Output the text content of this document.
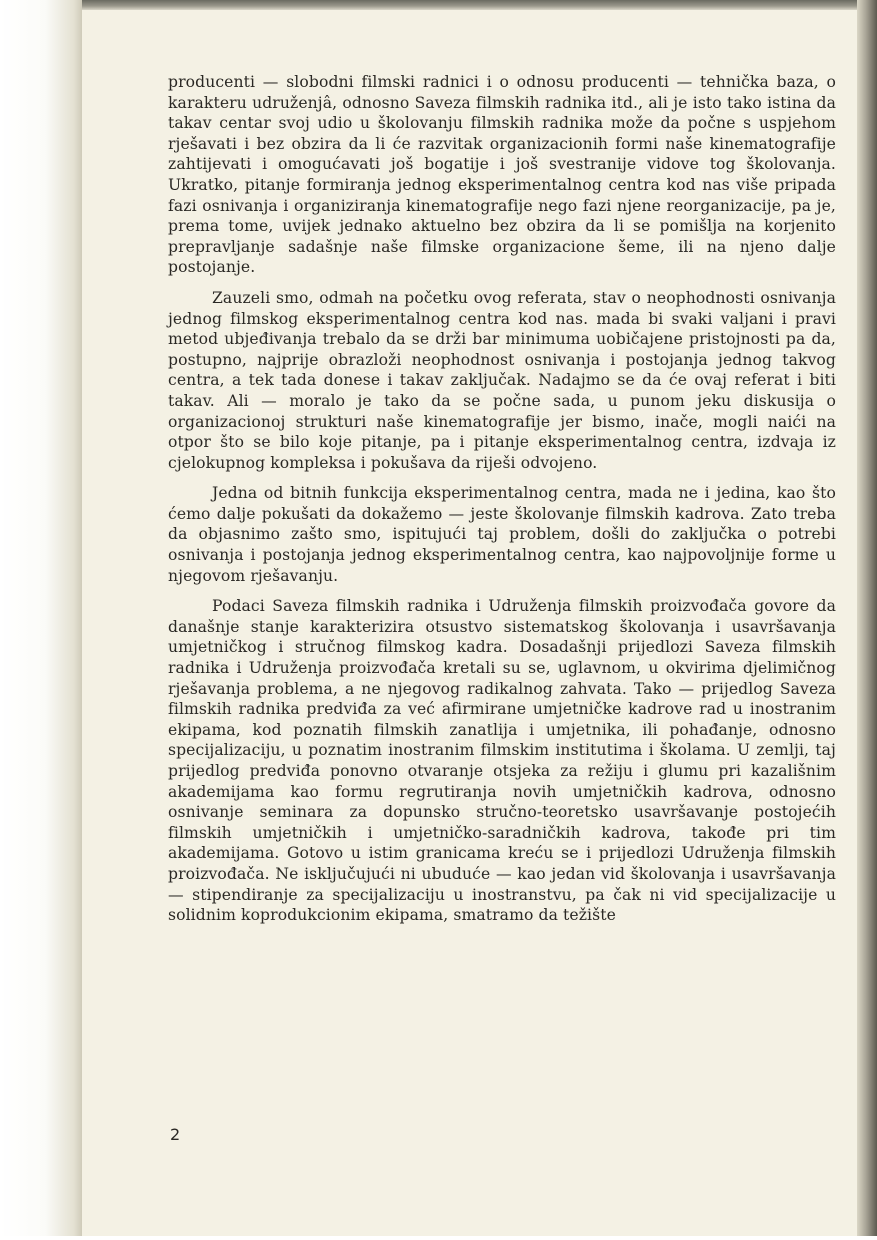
producenti — slobodni filmski radnici i o odnosu producenti — tehnička baza, o karakteru udruženjâ, odnosno Saveza filmskih radnika itd., ali je isto tako istina da takav centar svoj udio u školovanju filmskih radnika može da počne s uspjehom rješavati i bez obzira da li će razvitak organizacionih formi naše kinematografije zahtijevati i omogućavati još bogatije i još svestranije vidove tog školovanja. Ukratko, pitanje formiranja jednog eksperimentalnog centra kod nas više pripada fazi osnivanja i organiziranja kinematografije nego fazi njene reorganizacije, pa je, prema tome, uvijek jednako aktuelno bez obzira da li se pomišlja na korjenito prepravljanje sadašnje naše filmske organizacione šeme, ili na njeno dalje postojanje.

Zauzeli smo, odmah na početku ovog referata, stav o neophodnosti osnivanja jednog filmskog eksperimentalnog centra kod nas. mada bi svaki valjani i pravi metod ubjeđivanja trebalo da se drži bar minimuma uobičajene pristojnosti pa da, postupno, najprije obrazloži neophodnost osnivanja i postojanja jednog takvog centra, a tek tada donese i takav zaključak. Nadajmo se da će ovaj referat i biti takav. Ali — moralo je tako da se počne sada, u punom jeku diskusija o organizacionoj strukturi naše kinematografije jer bismo, inače, mogli naići na otpor što se bilo koje pitanje, pa i pitanje eksperimentalnog centra, izdvaja iz cjelokupnog kompleksa i pokušava da riješi odvojeno.

Jedna od bitnih funkcija eksperimentalnog centra, mada ne i jedina, kao što ćemo dalje pokušati da dokažemo — jeste školovanje filmskih kadrova. Zato treba da objasnimo zašto smo, ispitujući taj problem, došli do zaključka o potrebi osnivanja i postojanja jednog eksperimentalnog centra, kao najpovoljnije forme u njegovom rješavanju.

Podaci Saveza filmskih radnika i Udruženja filmskih proizvođača govore da današnje stanje karakterizira otsustvo sistematskog školovanja i usavršavanja umjetničkog i stručnog filmskog kadra. Dosadašnji prijedlozi Saveza filmskih radnika i Udruženja proizvođača kretali su se, uglavnom, u okvirima djelimičnog rješavanja problema, a ne njegovog radikalnog zahvata. Tako — prijedlog Saveza filmskih radnika predviđa za već afirmirane umjetničke kadrove rad u inostranim ekipama, kod poznatih filmskih zanatlija i umjetnika, ili pohađanje, odnosno specijalizaciju, u poznatim inostranim filmskim institutima i školama. U zemlji, taj prijedlog predviđa ponovno otvaranje otsjeka za režiju i glumu pri kazališnim akademijama kao formu regrutiranja novih umjetničkih kadrova, odnosno osnivanje seminara za dopunsko stručno-teoretsko usavršavanje postojećih filmskih umjetničkih i umjetničko-saradničkih kadrova, takođe pri tim akademijama. Gotovo u istim granicama kreću se i prijedlozi Udruženja filmskih proizvođača. Ne isključujući ni ubuduće — kao jedan vid školovanja i usavršavanja — stipendiranje za specijalizaciju u inostranstvu, pa čak ni vid specijalizacije u solidnim koprodukcionim ekipama, smatramo da težište

2
